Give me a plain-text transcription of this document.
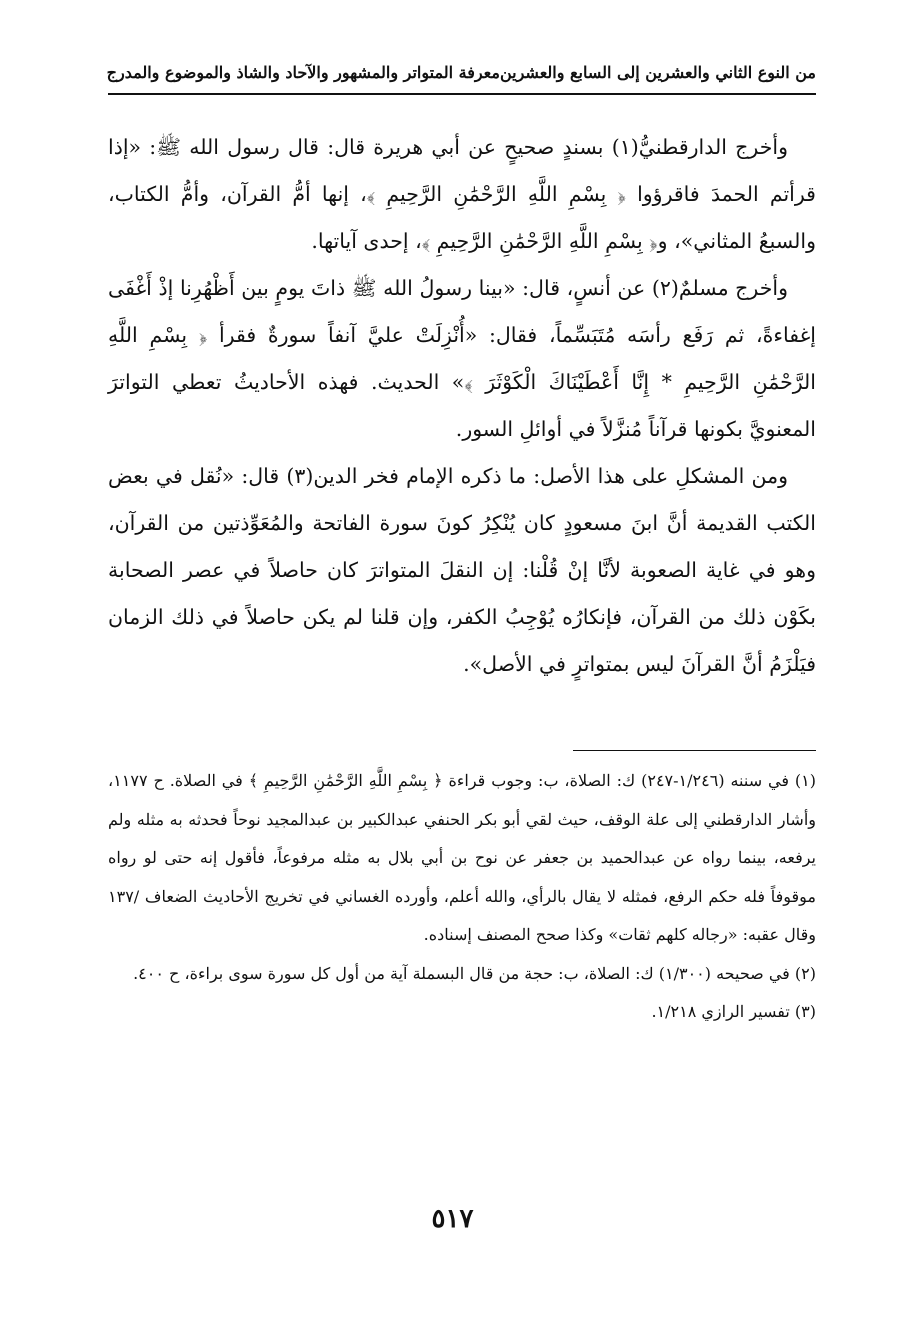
من النوع الثاني والعشرين إلى السابع والعشرين
معرفة المتواتر والمشهور والآحاد والشاذ والموضوع والمدرج

وأخرج الدارقطنيُّ(١) بسندٍ صحيحٍ عن أبي هريرة قال: قال رسول الله ﷺ: «إذا قرأتم الحمدَ فاقرؤوا ﴿ بِسْمِ اللَّهِ الرَّحْمَٰنِ الرَّحِيمِ ﴾، إنها أمُّ القرآن، وأمُّ الكتاب، والسبعُ المثاني»، و﴿ بِسْمِ اللَّهِ الرَّحْمَٰنِ الرَّحِيمِ ﴾، إحدى آياتها.

وأخرج مسلمٌ(٢) عن أنسٍ، قال: «بينا رسولُ الله ﷺ ذاتَ يومٍ بين أَظْهُرِنا إذْ أَغْفَى إغفاءةً، ثم رَفَع رأسَه مُتَبَسِّماً، فقال: «أُنْزِلَتْ عليَّ آنفاً سورةٌ فقرأ ﴿ بِسْمِ اللَّهِ الرَّحْمَٰنِ الرَّحِيمِ * إِنَّا أَعْطَيْنَاكَ الْكَوْثَرَ ﴾» الحديث. فهذه الأحاديثُ تعطي التواترَ المعنويَّ بكونها قرآناً مُنزَّلاً في أوائلِ السور.

ومن المشكلِ على هذا الأصل: ما ذكره الإمام فخر الدين(٣) قال: «نُقل في بعض الكتب القديمة أنَّ ابنَ مسعودٍ كان يُنْكِرُ كونَ سورة الفاتحة والمُعَوِّذتين من القرآن، وهو في غاية الصعوبة لأنَّا إنْ قُلْنا: إن النقلَ المتواترَ كان حاصلاً في عصر الصحابة بكَوْن ذلك من القرآن، فإنكارُه يُوْجِبُ الكفر، وإن قلنا لم يكن حاصلاً في ذلك الزمان فيَلْزَمُ أنَّ القرآنَ ليس بمتواترٍ في الأصل».

(١) في سننه (١/٢٤٦-٢٤٧) ك: الصلاة، ب: وجوب قراءة ﴿ بِسْمِ اللَّهِ الرَّحْمَٰنِ الرَّحِيمِ ﴾ في الصلاة. ح ١١٧٧، وأشار الدارقطني إلى علة الوقف، حيث لقي أبو بكر الحنفي عبدالكبير بن عبدالمجيد نوحاً فحدثه به مثله ولم يرفعه، بينما رواه عن عبدالحميد بن جعفر عن نوح بن أبي بلال به مثله مرفوعاً، فأقول إنه حتى لو رواه موقوفاً فله حكم الرفع، فمثله لا يقال بالرأي، والله أعلم، وأورده الغساني في تخريج الأحاديث الضعاف /١٣٧ وقال عقبه: «رجاله كلهم ثقات» وكذا صحح المصنف إسناده.

(٢) في صحيحه (١/٣٠٠) ك: الصلاة، ب: حجة من قال البسملة آية من أول كل سورة سوى براءة، ح ٤٠٠.

(٣) تفسير الرازي ١/٢١٨.

٥١٧
